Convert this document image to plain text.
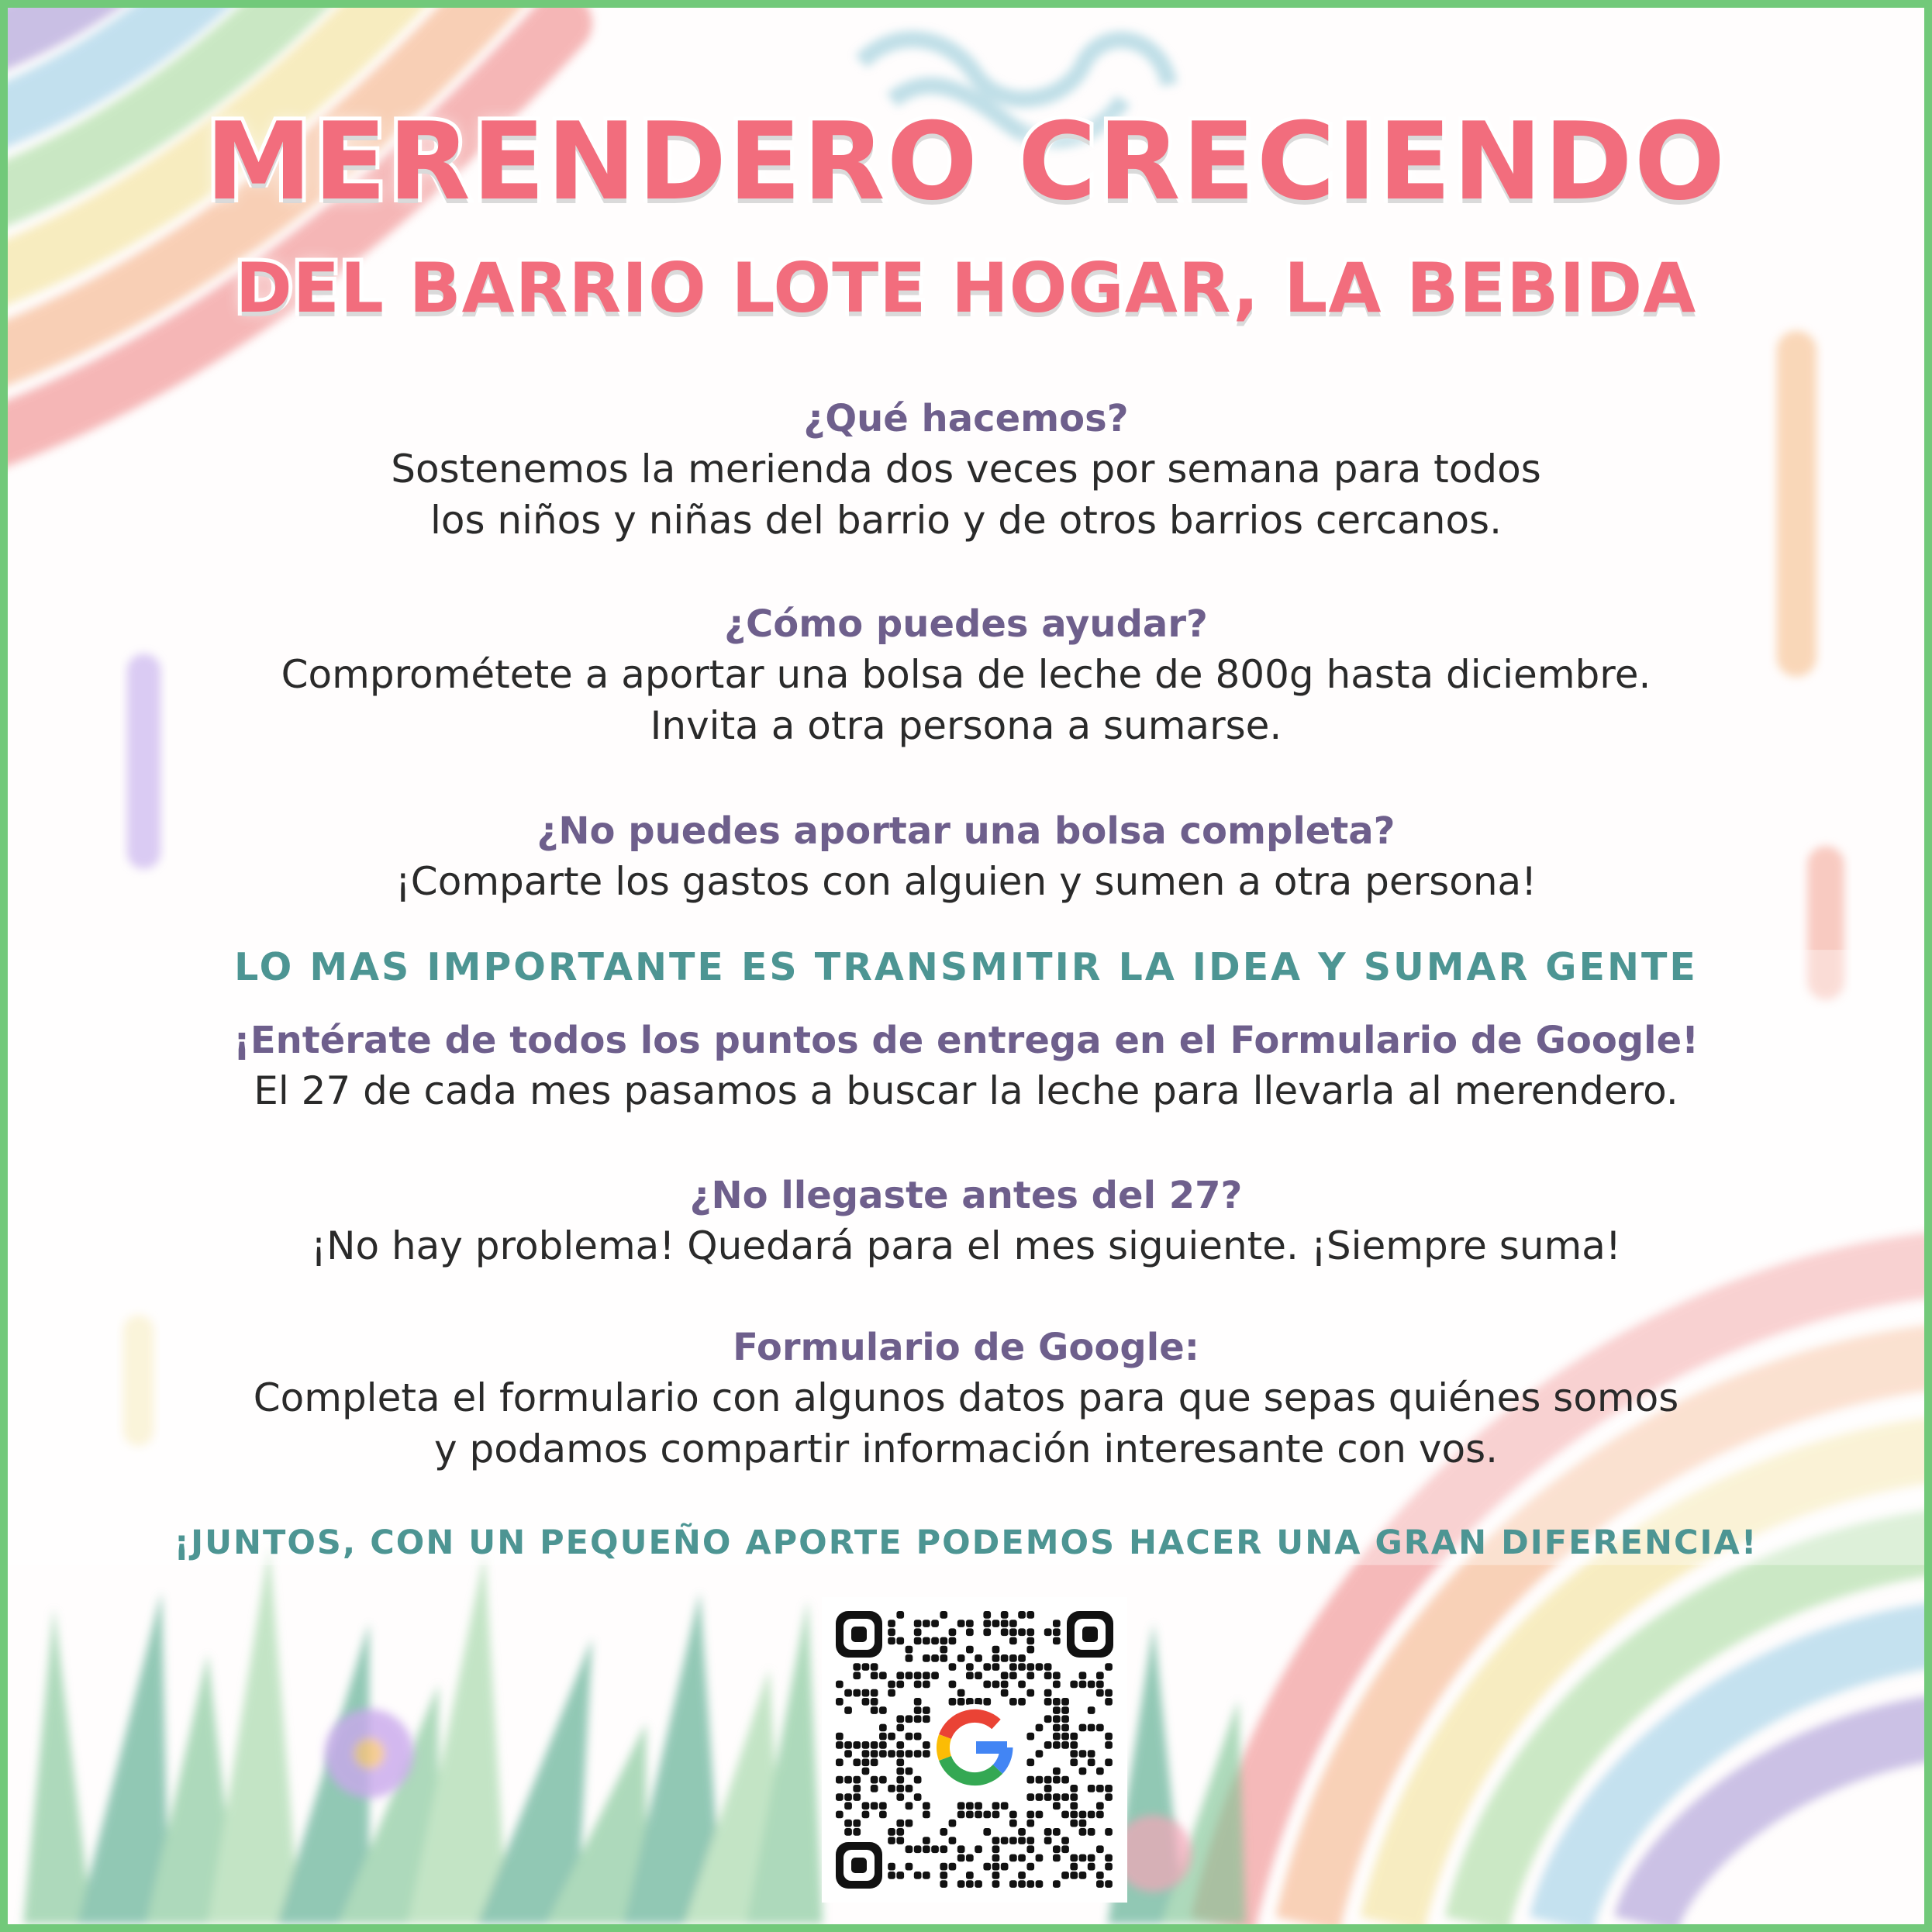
MERENDERO CRECIENDO
DEL BARRIO LOTE HOGAR, LA BEBIDA
¿Qué hacemos?
Sostenemos la merienda dos veces por semana para todos
los niños y niñas del barrio y de otros barrios cercanos.
¿Cómo puedes ayudar?
Comprométete a aportar una bolsa de leche de 800g hasta diciembre.
Invita a otra persona a sumarse.
¿No puedes aportar una bolsa completa?
¡Comparte los gastos con alguien y sumen a otra persona!
LO MAS IMPORTANTE ES TRANSMITIR LA IDEA Y SUMAR GENTE
¡Entérate de todos los puntos de entrega en el Formulario de Google!
El 27 de cada mes pasamos a buscar la leche para llevarla al merendero.
¿No llegaste antes del 27?
¡No hay problema! Quedará para el mes siguiente. ¡Siempre suma!
Formulario de Google:
Completa el formulario con algunos datos para que sepas quiénes somos
y podamos compartir información interesante con vos.
¡JUNTOS, CON UN PEQUEÑO APORTE PODEMOS HACER UNA GRAN DIFERENCIA!
